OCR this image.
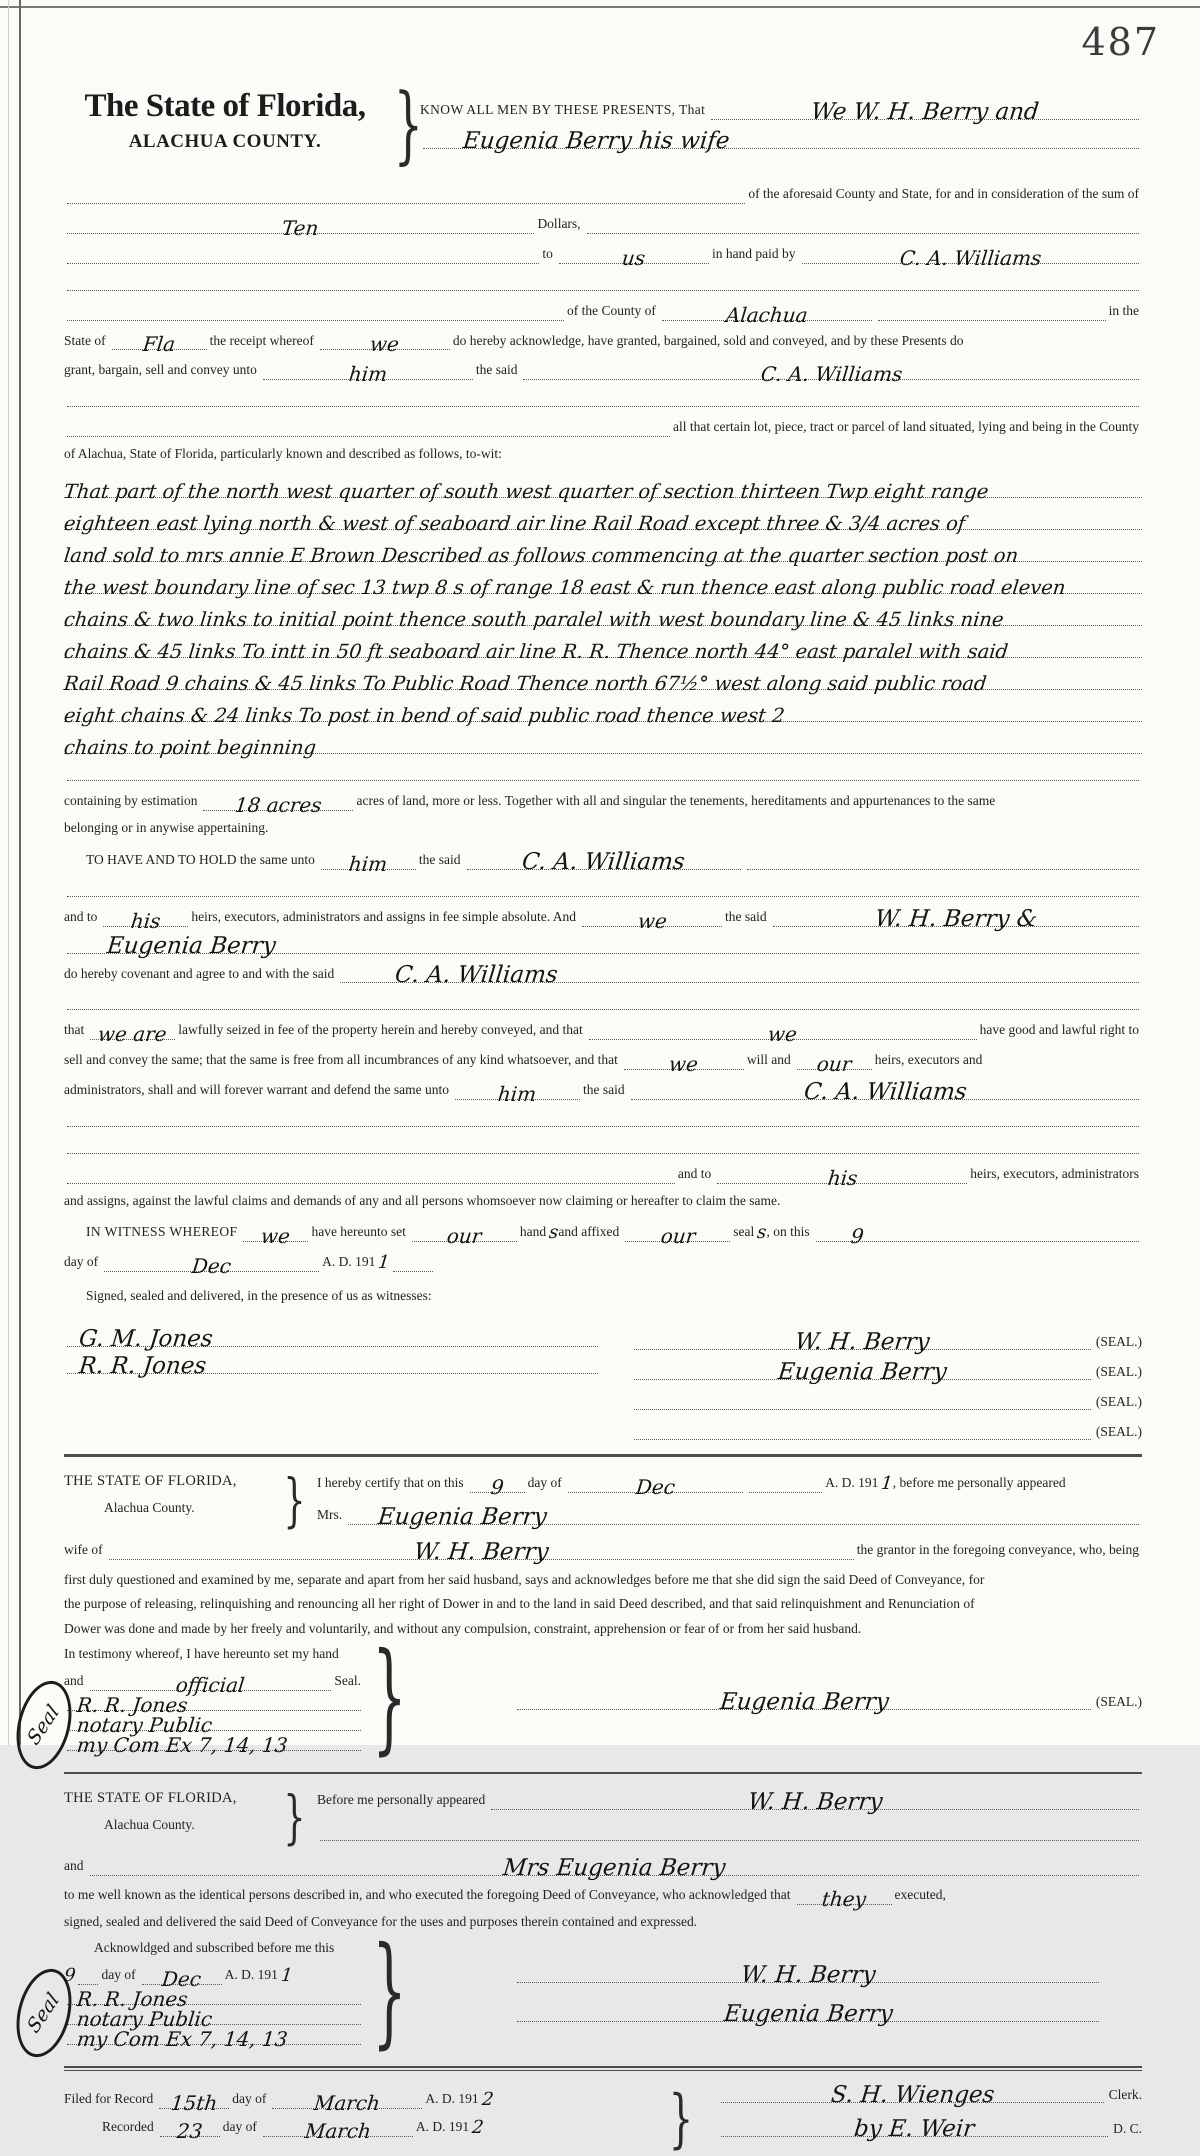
487
The State of Florida,
ALACHUA COUNTY. }
KNOW ALL MEN BY THESE PRESENTS, That	We W. H. Berry and
Eugenia Berry his wife
of the aforesaid County and State, for and in consideration of the sum of
Ten	Dollars,
to	us	in hand paid by	C. A. Williams
of the County of	Alachua	in the
State of Fla the receipt whereof	we	do hereby acknowledge, have granted, bargained, sold and conveyed, and by these Presents do
grant, bargain, sell and convey unto	him	the said	C. A. Williams
all that certain lot, piece, tract or parcel of land situated, lying and being in the County
of Alachua, State of Florida, particularly known and described as follows, to-wit:
That part of the north west quarter of south west quarter of section thirteen Twp eight range
eighteen east lying north & west of seaboard air line Rail Road except three & 3/4 acres of
land sold to mrs annie E Brown Described as follows commencing at the quarter section post on
the west boundary line of sec 13 twp 8 s of range 18 east & run thence east along public road eleven
chains & two links to initial point thence south paralel with west boundary line & 45 links nine
chains & 45 links To intt in 50 ft seaboard air line R. R. Thence north 44° east paralel with said
Rail Road 9 chains & 45 links To Public Road Thence north 67½° west along said public road
eight chains & 24 links To post in bend of said public road thence west 2
chains to point beginning
containing by estimation 18 acres acres of land, more or less. Together with all and singular the tenements, hereditaments and appurtenances to the same
belonging or in anywise appertaining.
TO HAVE AND TO HOLD the same unto him the said	C. A. Williams
and to his heirs, executors, administrators and assigns in fee simple absolute. And	we	the said	W. H. Berry &
Eugenia Berry
do hereby covenant and agree to and with the said	C. A. Williams
that we are lawfully seized in fee of the property herein and hereby conveyed, and that	we	have good and lawful right to
sell and convey the same; that the same is free from all incumbrances of any kind whatsoever, and that	we	will and our heirs, executors and
administrators, shall and will forever warrant and defend the same unto him	the said	C. A. Williams
and to	his	heirs, executors, administrators
and assigns, against the lawful claims and demands of any and all persons whomsoever now claiming or hereafter to claim the same.
IN WITNESS WHEREOF we have hereunto set our	hand s
and affixed our	seal s
, on this 9
day of	Dec	A. D. 191 1
Signed, sealed and delivered, in the presence of us as witnesses:
G. M. Jones
R. R. Jones
W. H. Berry	(SEAL.)
Eugenia Berry	(SEAL.)
(SEAL.)
(SEAL.)
THE STATE OF FLORIDA,
Alachua County.	} I hereby certify that on this 9 day of	Dec	A. D. 191 1
, before me personally appeared
Mrs. Eugenia Berry
wife of	W. H. Berry	the grantor in the foregoing conveyance, who, being
first duly questioned and examined by me, separate and apart from her said husband, says and acknowledges before me that she did sign the said Deed of Conveyance, for
the purpose of releasing, relinquishing and renouncing all her right of Dower in and to the land in said Deed described, and that said relinquishment and Renunciation of
Dower was done and made by her freely and voluntarily, and without any compulsion, constraint, apprehension or fear of or from her said husband.
Seal
In testimony whereof, I have hereunto set my hand
and	official	Seal.
R. R. Jones
notary Public
my Com Ex 7, 14, 13 }	Eugenia Berry	(SEAL.)
THE STATE OF FLORIDA,
Alachua County.	} Before me personally appeared	W. H. Berry
and	Mrs Eugenia Berry
to me well known as the identical persons described in, and who executed the foregoing Deed of Conveyance, who acknowledged that they executed,
signed, sealed and delivered the said Deed of Conveyance for the uses and purposes therein contained and expressed.
Seal
Acknowldged and subscribed before me this
9 day of Dec A. D. 191 1
R. R. Jones
notary Public
my Com Ex 7, 14, 13 }	W. H. Berry
Eugenia Berry
Filed for Record 15th day of March	A. D. 191 2
Recorded 23 day of March	A. D. 191 2	}	S. H. Wienges	Clerk.
by E. Weir	D. C.
